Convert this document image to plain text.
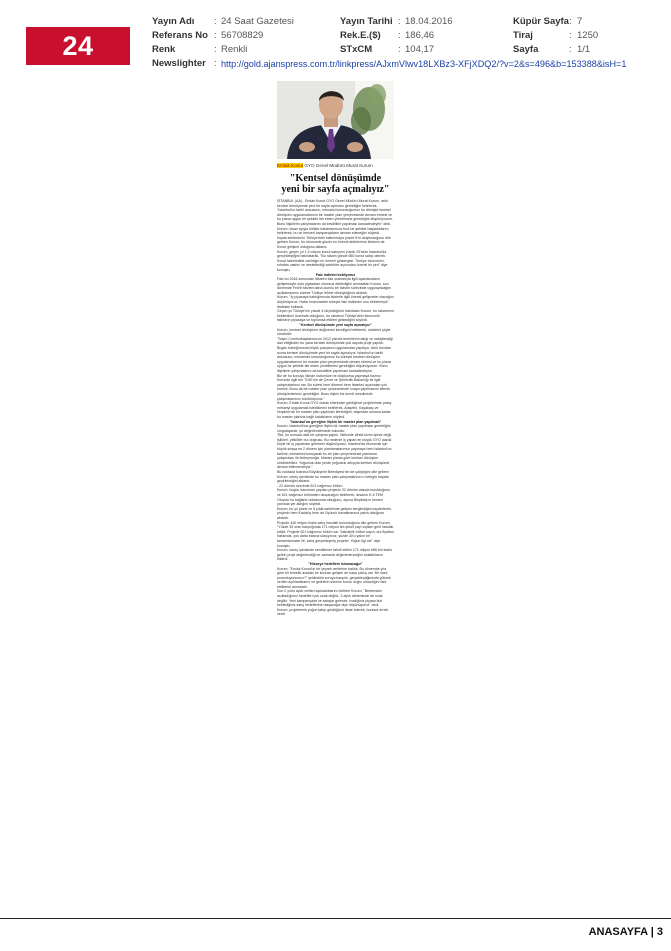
24 SAAT
Yayın Adı : 24 Saat Gazetesi
Referans No : 56708829
Renk	: Renkli
Newslighter : http://gold.ajanspress.com.tr/linkpress/AJxmVlwv18LXBz3-XFjXDQ2/?v=2&s=496&b=153388&isH=1
Yayın Tarihi : 18.04.2016
Rek.E.($) : 186,46
STxCM	: 104,17
Küpür Sayfa : 7
Tiraj	: 1250
Sayfa	: 1/1
Emlak Konut GYO Genel Müdürü Murat Kurum
"Kentsel dönüşümde
yeni bir sayfa açmalıyız"

İSTANBUL (AA) - Emlak Konut GYO Genel Müdürü Murat Kurum, artık kentsel dönüşümde yeni bir sayfa açılması gerektiğini belirterek, "İstanbul'un tarihi dokusunu, mimarisi korunduğumuz bu dönüşte kentsel dönüşüm uygulamalarının bir master plan çerçevesinde devam etmesi ve bu plana uygun bir şekilde tek elden yönetilmesi gerektiğini düşünüyorum. Bunu ilişkilerin çalışmalarını da kesdilikle yapılması kanaatindeyim" dedi.

Kurum, nisan ayıyla birlikte baharlarımıza hızlı bir şekilde başladıklarını belirterek, bu ve benzeri kampanyaların devam edeceğini söyledi.

İnşaat sektörünün Türkiye'deki kalkınmaya yüzde 8'in oluşturduğunu dile getiren Kurum, bu ekonomik gücün en önemli aktörlerinin birisinin de Konut gelişimi olduğunu aktardı.

Kurum, geçen yıl 1,3 milyon konut satışının yüzde 20'sinin İstanbul'da gerçekleştiğini hatırlatarak, "Bu rakam günde 650 konut satışı demek. Konut talebindeki canlılığın en önemli göstergesi. Türkiye ekonomisi, sıfırdan vasfını ve desteklediği sektörler açısından önemli bir yeri" diye konuştu.

Faiz indirimi bekliyoruz

Faiz bu 2016 sonundan itibaren faiz oranlarıyla ilgili ayarlamaların gelişmesiyle olan piyasaları olumsuz etkilediğini anımsatan Kurum, son dönemde Fed'in faizleri daha olumlu bir takvim sürecinde uygulayacağını açıklamasının sürece Türkiye lehine dönüştüğünü aktardı.

Kurum, "İç piyasaya baktığımızda faizlerle ilgili önemli gelişmeler olacağını düşünüyoruz. Hatta önümüzdeki süreçte faiz indirimini onu beklemeyiz" ifadesini kullandı.

Geçen yıl Türkiye'nin yüzde 4 büyüdüğünü hatırlatan Kurum, bu rakamının beklentinin üzerinde olduğunu, bu rakamın Türkiye'deki ekonomik istikrarın piyasaya ve toplumsa etkileri göstediğini söyledi.

"Kentsel dönüşümde yeni sayfa açmalıyız"

Kurum, kentsel dönüşüme değinerek kendilgini belirterek, sözlerini şöyle sürdürdü:

"Sayın Cumhurbaşkanımızın 2012 yılında temellerini attığı ve sahiplendiği dan ettiğinden bu yana kentsel dönüşümde çok sayıda proje yapıldı. Bugün baktığımızda büyük parçasını uygulamalar yapılıyor. Artık bundan sonra kentsel dönüşümde yeni bir sayfa açmalıyız. İstanbul'un tarihi dokusunu, mimarisini korunduğumuz bu süreçte kentsel dönüşüm uygulamalarının bir master plan çerçevesinde devam etmesi ve bu plana uygun bir şekilde tek elden yönetilmesi gerektiğini düşünüyorum. Bunu ilişkilerin çalışmalarını da kesdilikle yapılması kanaatindeyim.

Biz de bu konuyu ilkinde üstümüze ne düşüyorsa yapmaya hazırız. Kurumlu ilgili her TOKİ'nin de Çevre ve Şehircilik Bakanlığı ile ilgili çalışmalarımız var. Bu süreci hem dönemi hem İstanbul açısından çok önemli. Bunu da bir master plan çerçevesinde sıraya yapılmasını bilerek dönüşümlerimiz gerektiğini. Bunu ilişkin biz kendi mezdimizle çalışmalarımızı sürdürüyoruz."

Kurum, Emlak Konut GYO olarak ellerinden geldiğince projelerinde yatay mimariyi uygulamak istediklerini belirterek, Ataşehir, Kayabaşı ve Hoşdere'de bir master plan yaptıkları ilerlediğini, başından sonuna kadar bu master planına bağlı kaldıklarını söyledi.

"İstanbul'un gereğine ilişkin bir master plan yapılmalı"

Kurum, İstanbul'bus gereğine ilişkin bir master plan yapılması gerektiğini vurgulayarak, şu değerlendirmede bulundu:

"Biz, bu konuda ufak bir çalışma yaptık. Nelicede direkt bizim işimiz değil. İşlikleri, yetkililer bu; doğrusu. Bu nedenle iş yapan en büyük GYO olarak böyle bir iş yapılması gerekeni düşünüyoruz. İstanbul'da ekonomik işin büyük sıraya en 2 dönem için planlamalarımızı yapmaya hem İstanbul'un tarihini, mimarisini koruyarak bu bir plan çerçevesinde planlama çalışmaları ile ilerleyeceğiz. Master planla göre kentsel dönüşüm sürdürebiliriz. Yoğunluk olan yerde yoğunluk artışıyla kentsel dönüşümü devam ettirmemeliyiz."

Bu noktada İstanbul Büyükşehir Belediyesi'nin de çalıştığını dile getiren Kurum, süreç içerisinde bu master plan çalışmalarının o belirgin hayata geçirileceğini aktardı.

- 22 dönüm üzerinde 621 bağımsız bölüm

Kurum, bugün hanımları yapılan projenin 22 dönüm alanda kurulduğunu ve 621 bağımsız bölümden oluşacağını belirterek, arsanın E-5 TEM Otoyolu'na bağlantı noktasında olduğunu, ayrıca Beşiktaş'ın hemen yanında yer aldığını söyledi.

Kurum, bu yıl planlı ve 5 yılda sahibinde gelişim sergilediğini kaydederek, projenin hem Kadıköy hem de Üçüncü havalimanına yakın olduğunu aktardı.

Projede 440 milyon liralık satış hasılatlı bulunduğunu dile getiren Kurum, "Yüzde 39 oran karşılığında 171 milyon lira şirket payı toplam gelir hasılatı edildi. Projede 621 bağımsız bölüm var. Satılabilir bölüm sayılı, arz fiyatları hakkında, çok daha basına ulaşıyoruz, yüzde 30'u yakın bir tamamlanması ile, satış gerçekleşmiş projeler. Yoğun ilgi var" diye konuştu.

Kurum, süreç içerisinde kendilerine tahsil edilen 171 milyon 686 bin liralık gelirin proje değerlendiği ve zamanla değerlenenceğini anlattıklarını bildirdi.

"Hisseye hedeflere tutunacağız"

Kurum, "Emlak Konut'un bir çeyrek verilerine baktık. Bu dönemde yıla göre bir temelik aradaki bir konusu gelişim de başa çıkılış var. Bir nasıl yorumluyorsunuz?" şeklindeki soruya karşılık, gerçekleştiğimizde yüksek verileri açıkladıklarını ve gelirlerin sürecin burun doğru olmadığını fark ettiklerini anımsattı.

Son 2 yıldır aylık verileri açıkladıklarını belirten Kurum, "Beklemizin açıkladığımız hedefleri çok uzak değiliz. 3 aylık döneminde de uzak değiliz. Yeni kampanyalar ve satışlar gelecek. İnadiğiniz piyasa bizi beklediğiniz satış hedeflerine ulaşacağız diye düşünüyoruz" dedi.

Kurum, projelerinin yoğun talep gördüğünü ifade ederek, bunlara örnek verdi.

ANASAYFA | 3
